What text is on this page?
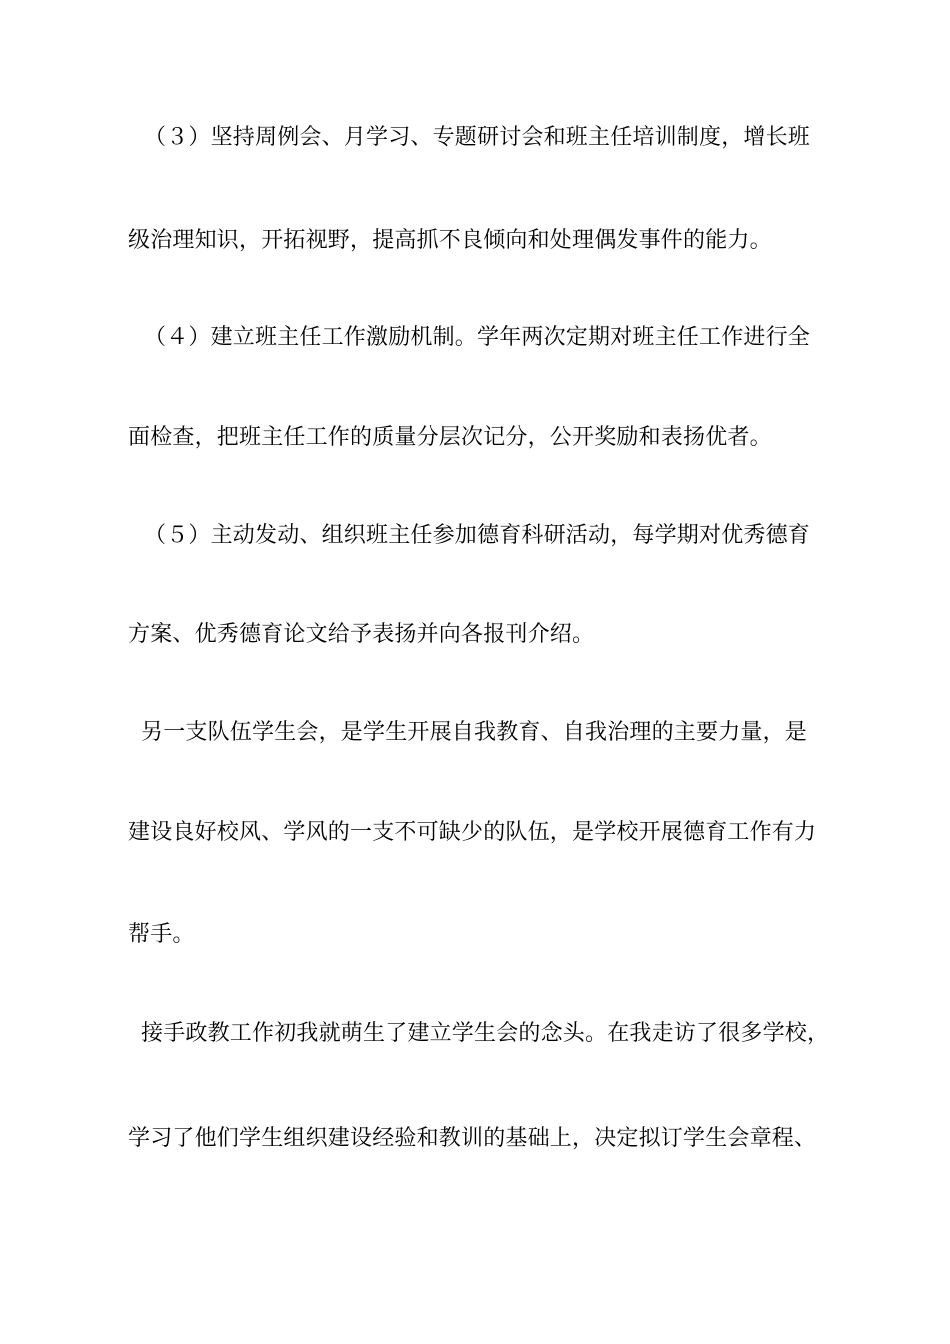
（３）坚持周例会、月学习、专题研讨会和班主任培训制度，增长班

级治理知识，开拓视野，提高抓不良倾向和处理偶发事件的能力。

（４）建立班主任工作激励机制。学年两次定期对班主任工作进行全

面检查，把班主任工作的质量分层次记分，公开奖励和表扬优者。

（５）主动发动、组织班主任参加德育科研活动，每学期对优秀德育

方案、优秀德育论文给予表扬并向各报刊介绍。

另一支队伍学生会，是学生开展自我教育、自我治理的主要力量，是

建设良好校风、学风的一支不可缺少的队伍，是学校开展德育工作有力

帮手。

接手政教工作初我就萌生了建立学生会的念头。在我走访了很多学校，

学习了他们学生组织建设经验和教训的基础上，决定拟订学生会章程、
